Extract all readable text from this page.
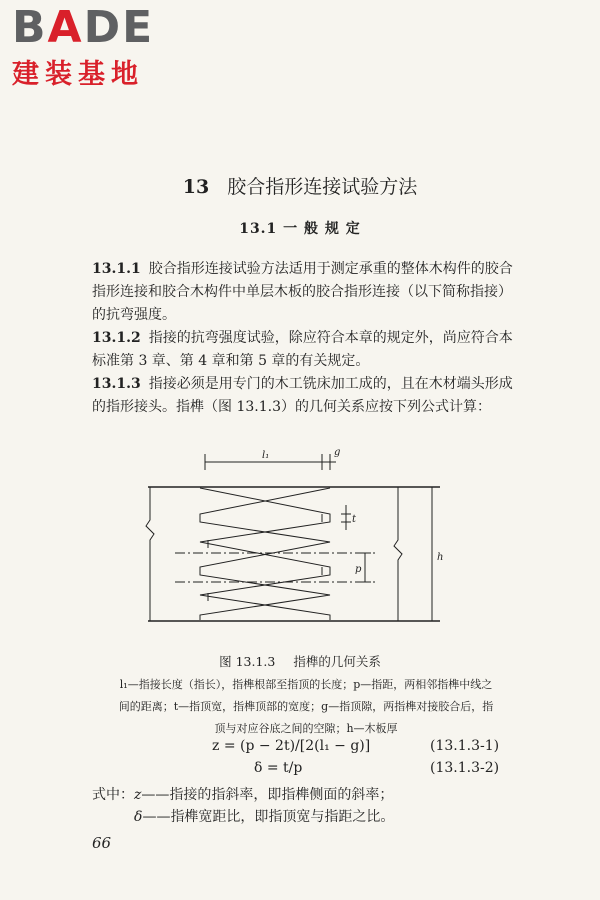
BADE
建装基地
13 胶合指形连接试验方法
13.1 一 般 规 定
13.1.1 胶合指形连接试验方法适用于测定承重的整体木构件的胶合指形连接和胶合木构件中单层木板的胶合指形连接（以下简称指接）的抗弯强度。
13.1.2 指接的抗弯强度试验，除应符合本章的规定外，尚应符合本标准第 3 章、第 4 章和第 5 章的有关规定。
13.1.3 指接必须是用专门的木工铣床加工成的，且在木材端头形成的指形接头。指榫（图 13.1.3）的几何关系应按下列公式计算：
l₁	g
t
p
h
图 13.1.3 指榫的几何关系
l₁—指接长度（指长），指榫根部至指顶的长度；p—指距，两相邻指榫中线之间的距离；t—指顶宽，指榫顶部的宽度；g—指顶隙，两指榫对接胶合后，指顶与对应谷底之间的空隙；h—木板厚
z = (p − 2t)/[2(l₁ − g)]	(13.1.3-1)
δ = t/p	(13.1.3-2)
式中：z——指接的指斜率，即指榫侧面的斜率；
δ——指榫宽距比，即指顶宽与指距之比。
66
